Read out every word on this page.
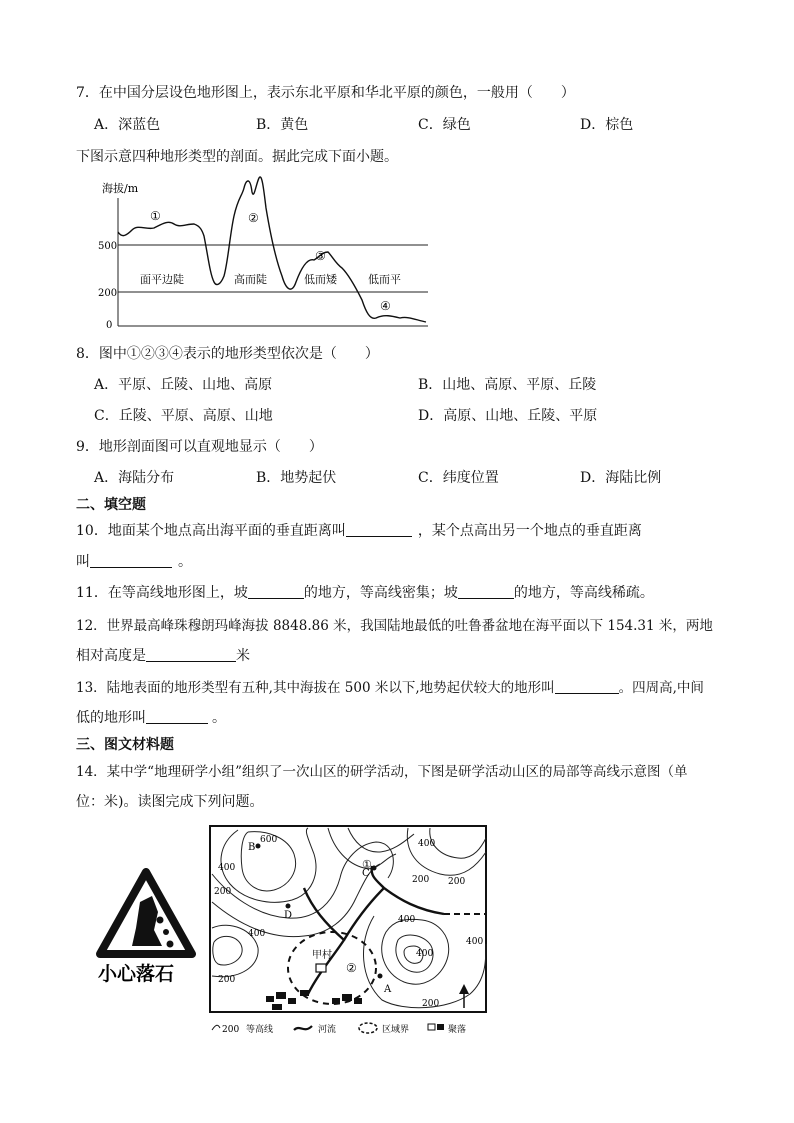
7．在中国分层设色地形图上，表示东北平原和华北平原的颜色，一般用（　　）
A．深蓝色	B．黄色	C．绿色	D．棕色
下图示意四种地形类型的剖面。据此完成下面小题。
海拔/m
500
200
0
①	②
③
④
面平边陡	高而陡	低而矮	低而平
8．图中①②③④表示的地形类型依次是（　　）
A．平原、丘陵、山地、高原	B．山地、高原、平原、丘陵
C．丘陵、平原、高原、山地	D．高原、山地、丘陵、平原
9．地形剖面图可以直观地显示（　　）
A．海陆分布	B．地势起伏	C．纬度位置	D．海陆比例
二、填空题
10．地面某个地点高出海平面的垂直距离叫	，某个点高出另一个地点的垂直距离
叫	。
11．在等高线地形图上，坡	的地方，等高线密集；坡	的地方，等高线稀疏。
12．世界最高峰珠穆朗玛峰海拔 8848.86 米，我国陆地最低的吐鲁番盆地在海平面以下 154.31 米，两地
相对高度是	米
13．陆地表面的地形类型有五种,其中海拔在 500 米以下,地势起伏较大的地形叫	。四周高,中间
低的地形叫	。
三、图文材料题
14．某中学“地理研学小组”组织了一次山区的研学活动，下图是研学活动山区的局部等高线示意图（单
位：米)。读图完成下列问题。
小心落石
甲村
B
C
D
A
①
②
600
400
400
200
200
400
400
400
200
400
200
200
200 等高线	河流	区域界	聚落
